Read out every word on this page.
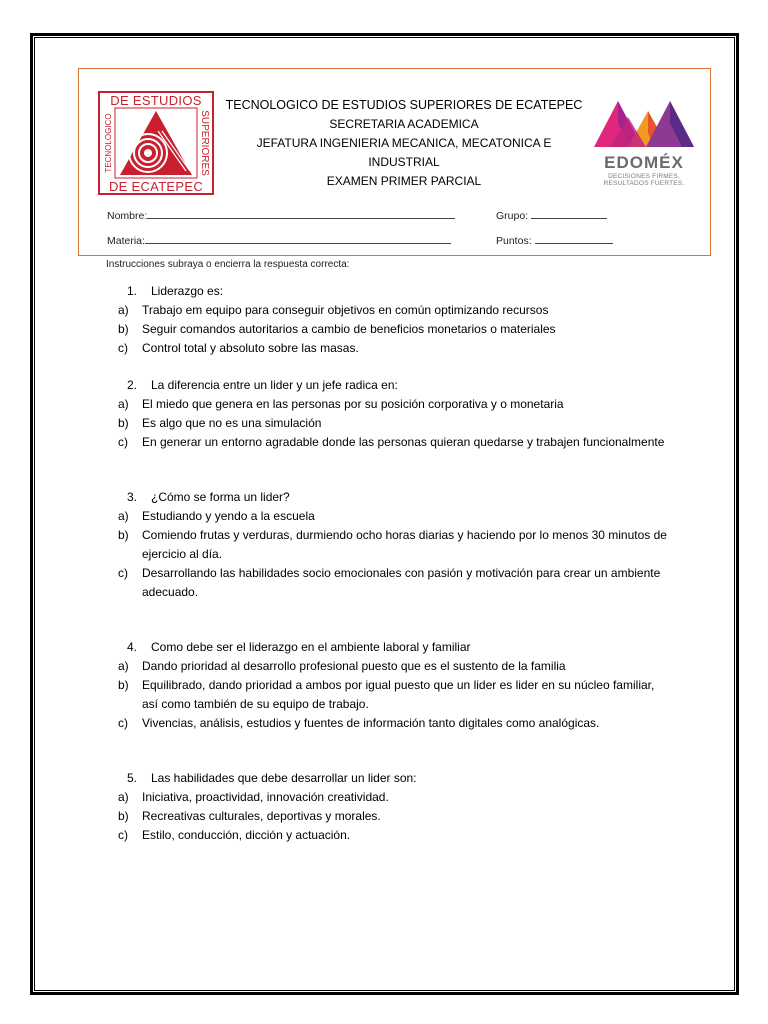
DE ESTUDIOS
DE ECATEPEC
TECNOLOGICO	SUPERIORES
TECNOLOGICO DE ESTUDIOS SUPERIORES DE ECATEPEC
SECRETARIA ACADEMICA
JEFATURA INGENIERIA MECANICA, MECATONICA E
INDUSTRIAL
EXAMEN PRIMER PARCIAL
EDOMÉX
DECISIONES FIRMES,
RESULTADOS FUERTES.
Nombre:	Grupo:
Materia:	Puntos:
Instrucciones subraya o encierra la respuesta correcta:
1.	Liderazgo es:
a)	Trabajo em equipo para conseguir objetivos en común optimizando recursos
b)	Seguir comandos autoritarios a cambio de beneficios monetarios o materiales
c)	Control total y absoluto sobre las masas.
2.	La diferencia entre un lider y un jefe radica en:
a)	El miedo que genera en las personas por su posición corporativa y o monetaria
b)	Es algo que no es una simulación
c)	En generar un entorno agradable donde las personas quieran quedarse y trabajen funcionalmente
3.	¿Cómo se forma un lider?
a)	Estudiando y yendo a la escuela
b)	Comiendo frutas y verduras, durmiendo ocho horas diarias y haciendo por lo menos 30 minutos de ejercicio al día.
c)	Desarrollando las habilidades socio emocionales con pasión y motivación para crear un ambiente adecuado.
4.	Como debe ser el liderazgo en el ambiente laboral y familiar
a)	Dando prioridad al desarrollo profesional puesto que es el sustento de la familia
b)	Equilibrado, dando prioridad a ambos por igual puesto que un lider es lider en su núcleo familiar, así como también de su equipo de trabajo.
c)	Vivencias, análisis, estudios y fuentes de información tanto digitales como analógicas.
5.	Las habilidades que debe desarrollar un lider son:
a)	Iniciativa, proactividad, innovación creatividad.
b)	Recreativas culturales, deportivas y morales.
c)	Estilo, conducción, dicción y actuación.
